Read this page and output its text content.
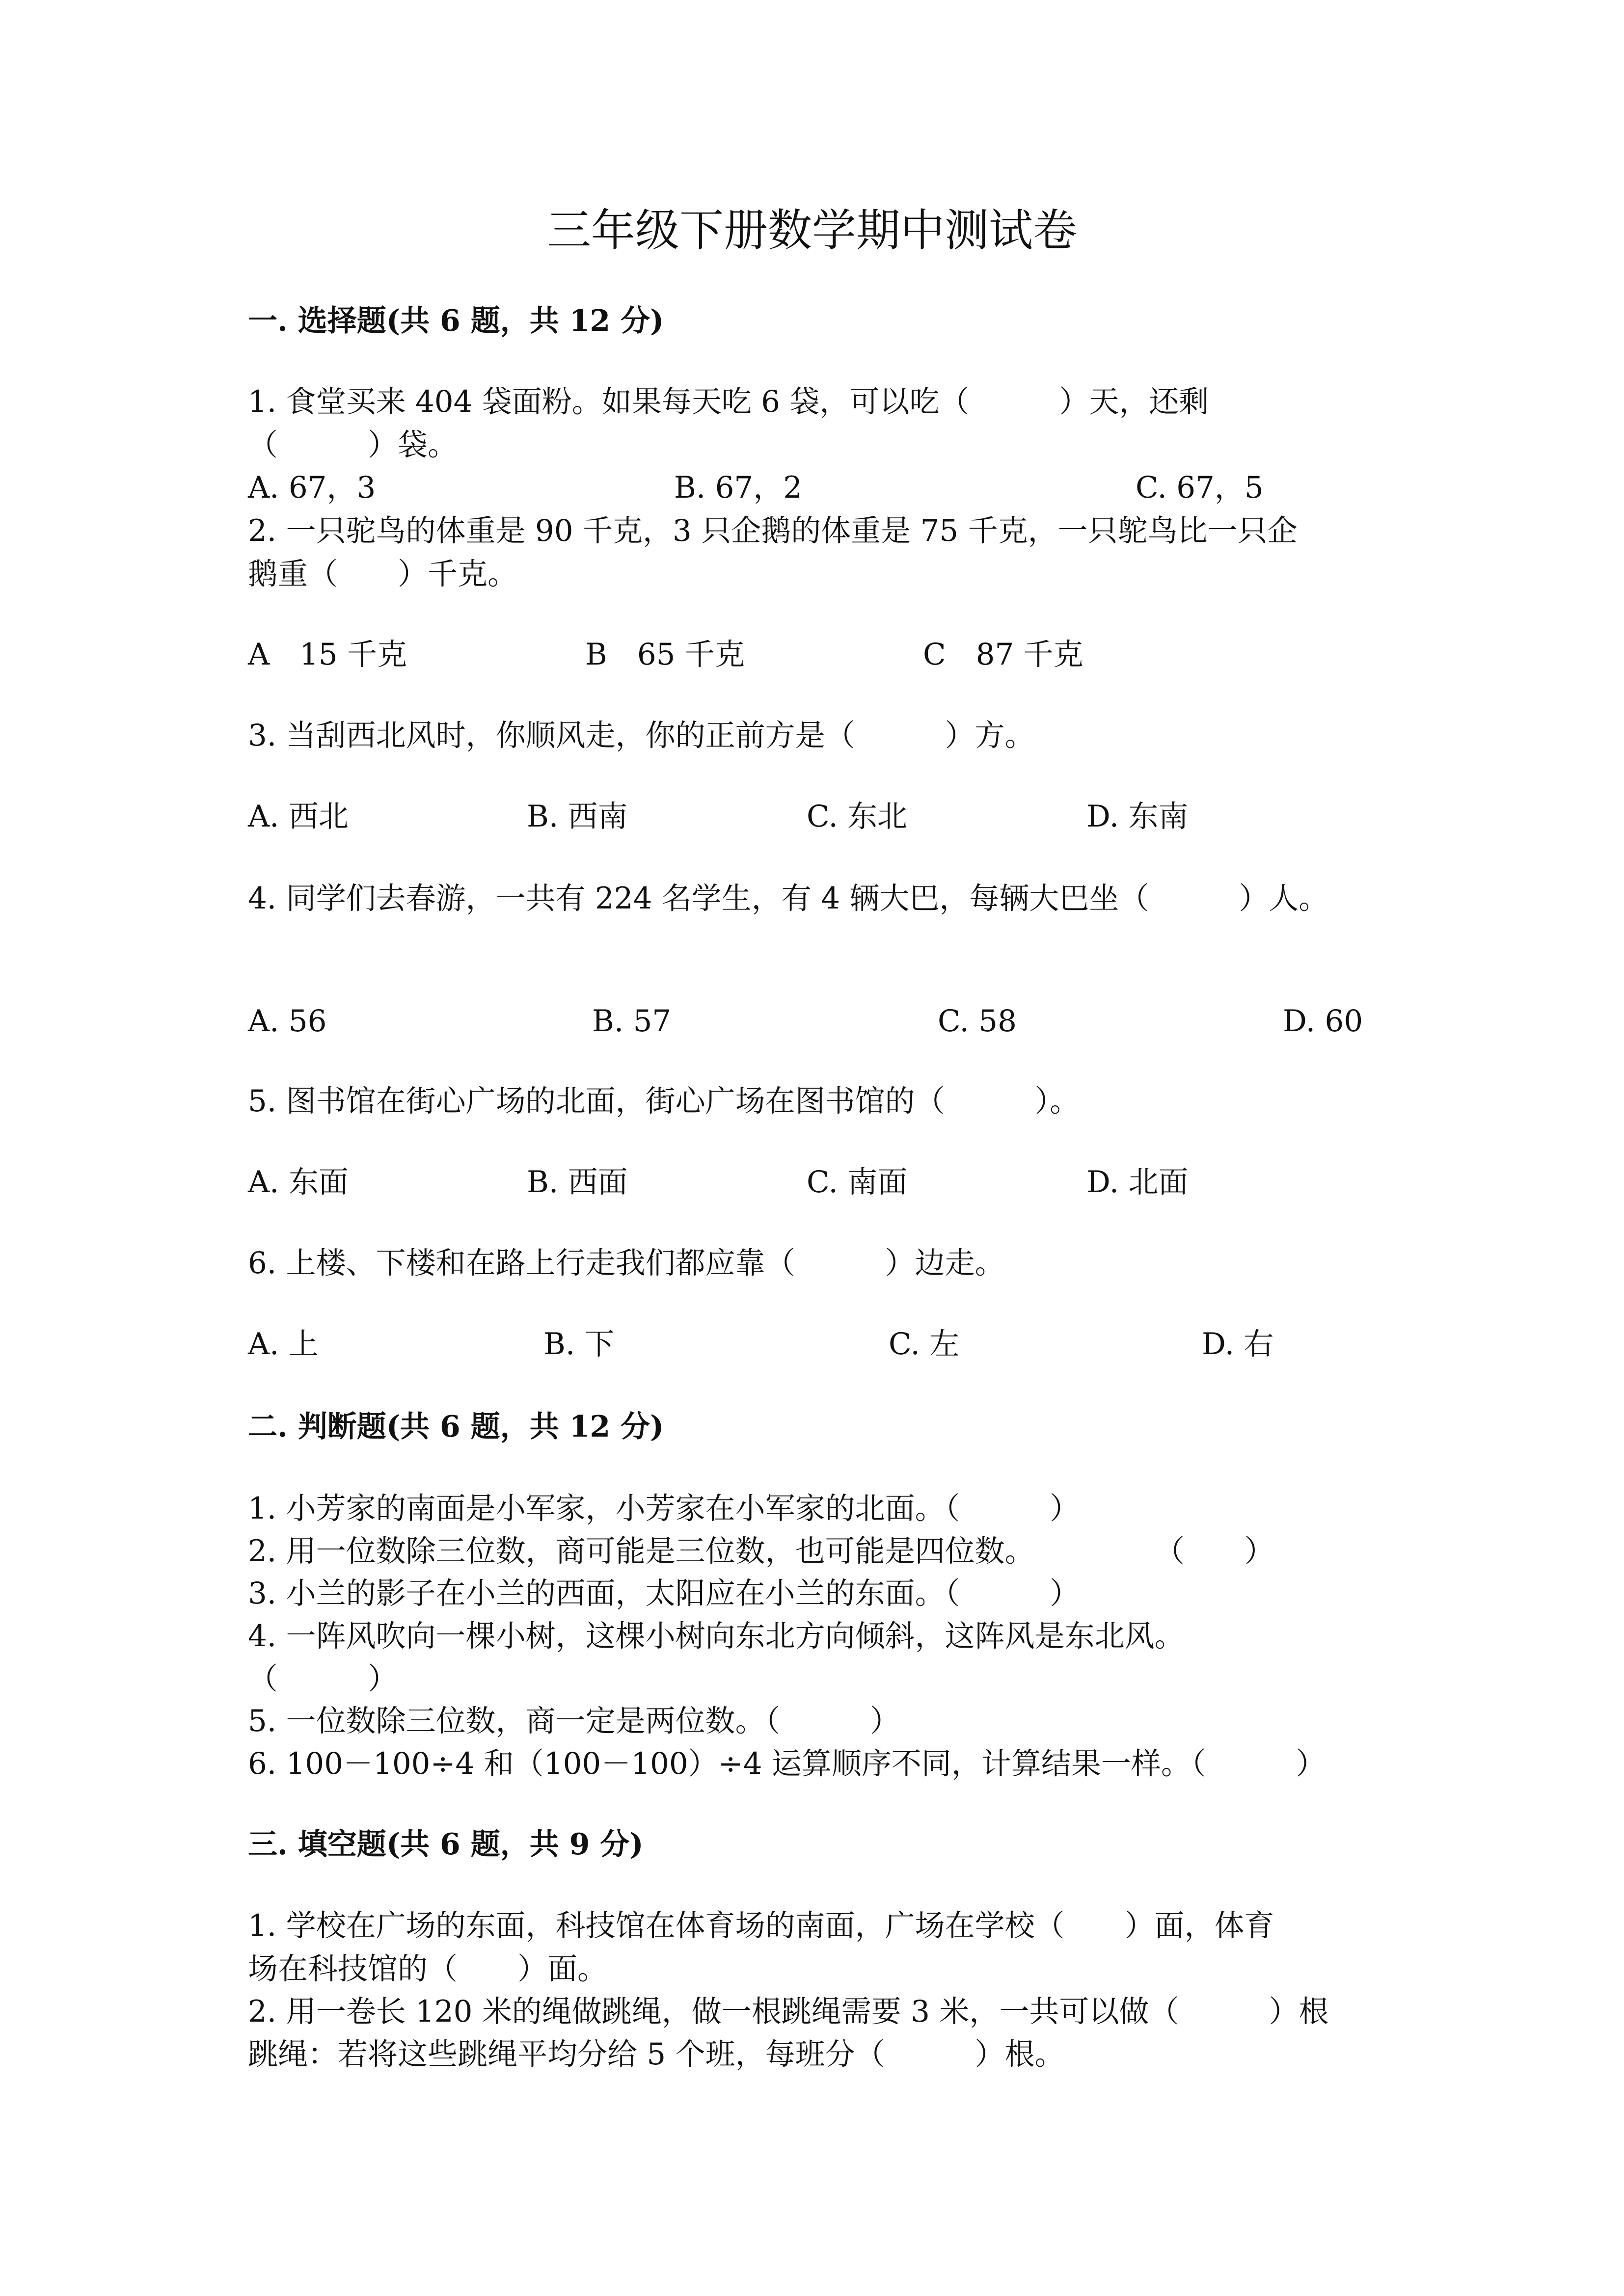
三年级下册数学期中测试卷
一. 选择题(共 6 题，共 12 分)
1. 食堂买来 404 袋面粉。如果每天吃 6 袋，可以吃（　　　）天，还剩
（　　　）袋。
A. 67，3	B. 67，2	C. 67，5
2. 一只驼鸟的体重是 90 千克，3 只企鹅的体重是 75 千克，一只鸵鸟比一只企
鹅重（　　）千克。
A　15 千克	B　65 千克	C　87 千克
3. 当刮西北风时，你顺风走，你的正前方是（　　　）方。
A. 西北	B. 西南	C. 东北	D. 东南
4. 同学们去春游，一共有 224 名学生，有 4 辆大巴，每辆大巴坐（　　　）人。
A. 56	B. 57	C. 58	D. 60
5. 图书馆在街心广场的北面，街心广场在图书馆的（　　　）。
A. 东面	B. 西面	C. 南面	D. 北面
6. 上楼、下楼和在路上行走我们都应靠（　　　）边走。
A. 上	B. 下	C. 左	D. 右
二. 判断题(共 6 题，共 12 分)
1. 小芳家的南面是小军家，小芳家在小军家的北面。（　　　）
2. 用一位数除三位数，商可能是三位数，也可能是四位数。　　　　　（　　）
3. 小兰的影子在小兰的西面，太阳应在小兰的东面。（　　　）
4. 一阵风吹向一棵小树，这棵小树向东北方向倾斜，这阵风是东北风。
（　　　）
5. 一位数除三位数，商一定是两位数。（　　　）
6. 100－100÷4 和（100－100）÷4 运算顺序不同，计算结果一样。（　　　）
三. 填空题(共 6 题，共 9 分)
1. 学校在广场的东面，科技馆在体育场的南面，广场在学校（　　）面，体育
场在科技馆的（　　）面。
2. 用一卷长 120 米的绳做跳绳，做一根跳绳需要 3 米，一共可以做（　　　）根
跳绳：若将这些跳绳平均分给 5 个班，每班分（　　　）根。
